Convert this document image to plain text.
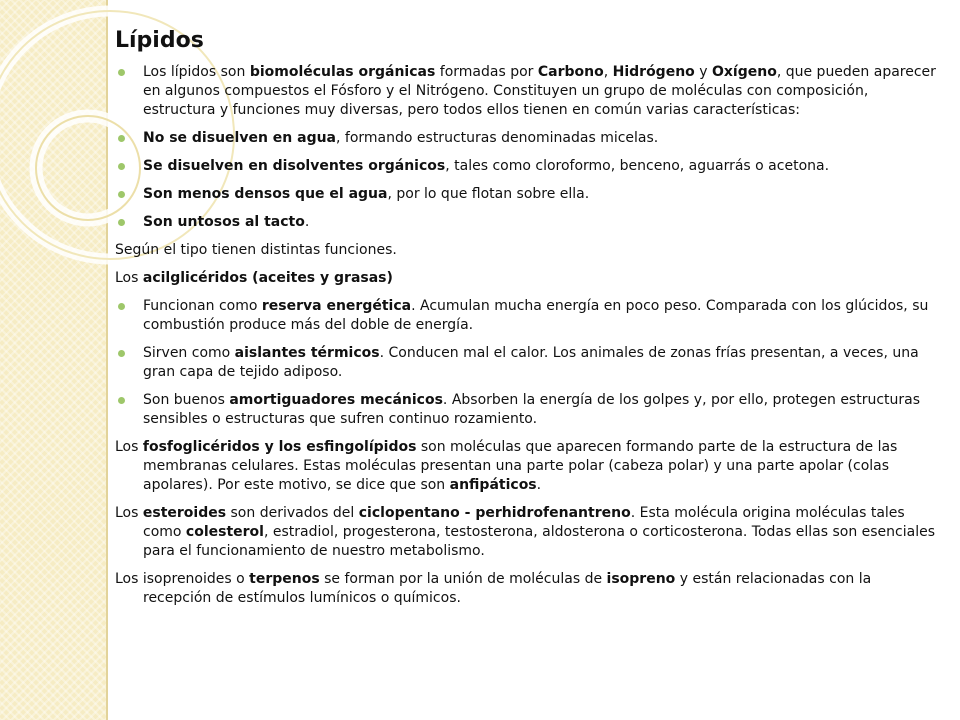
Lípidos

Los lípidos son biomoléculas orgánicas formadas por Carbono, Hidrógeno y Oxígeno, que pueden aparecer en algunos compuestos el Fósforo y el Nitrógeno. Constituyen un grupo de moléculas con composición, estructura y funciones muy diversas, pero todos ellos tienen en común varias características:

No se disuelven en agua, formando estructuras denominadas micelas.

Se disuelven en disolventes orgánicos, tales como cloroformo, benceno, aguarrás o acetona.

Son menos densos que el agua, por lo que flotan sobre ella.

Son untosos al tacto.

Según el tipo tienen distintas funciones.

Los acilglicéridos (aceites y grasas)

Funcionan como reserva energética. Acumulan mucha energía en poco peso. Comparada con los glúcidos, su combustión produce más del doble de energía.

Sirven como aislantes térmicos. Conducen mal el calor. Los animales de zonas frías presentan, a veces, una gran capa de tejido adiposo.

Son buenos amortiguadores mecánicos. Absorben la energía de los golpes y, por ello, protegen estructuras sensibles o estructuras que sufren continuo rozamiento.

Los fosfoglicéridos y los esfingolípidos son moléculas que aparecen formando parte de la estructura de las membranas celulares. Estas moléculas presentan una parte polar (cabeza polar) y una parte apolar (colas apolares). Por este motivo, se dice que son anfipáticos.

Los esteroides son derivados del ciclopentano - perhidrofenantreno. Esta molécula origina moléculas tales como colesterol, estradiol, progesterona, testosterona, aldosterona o corticosterona. Todas ellas son esenciales para el funcionamiento de nuestro metabolismo.

Los isoprenoides o terpenos se forman por la unión de moléculas de isopreno y están relacionadas con la recepción de estímulos lumínicos o químicos.
